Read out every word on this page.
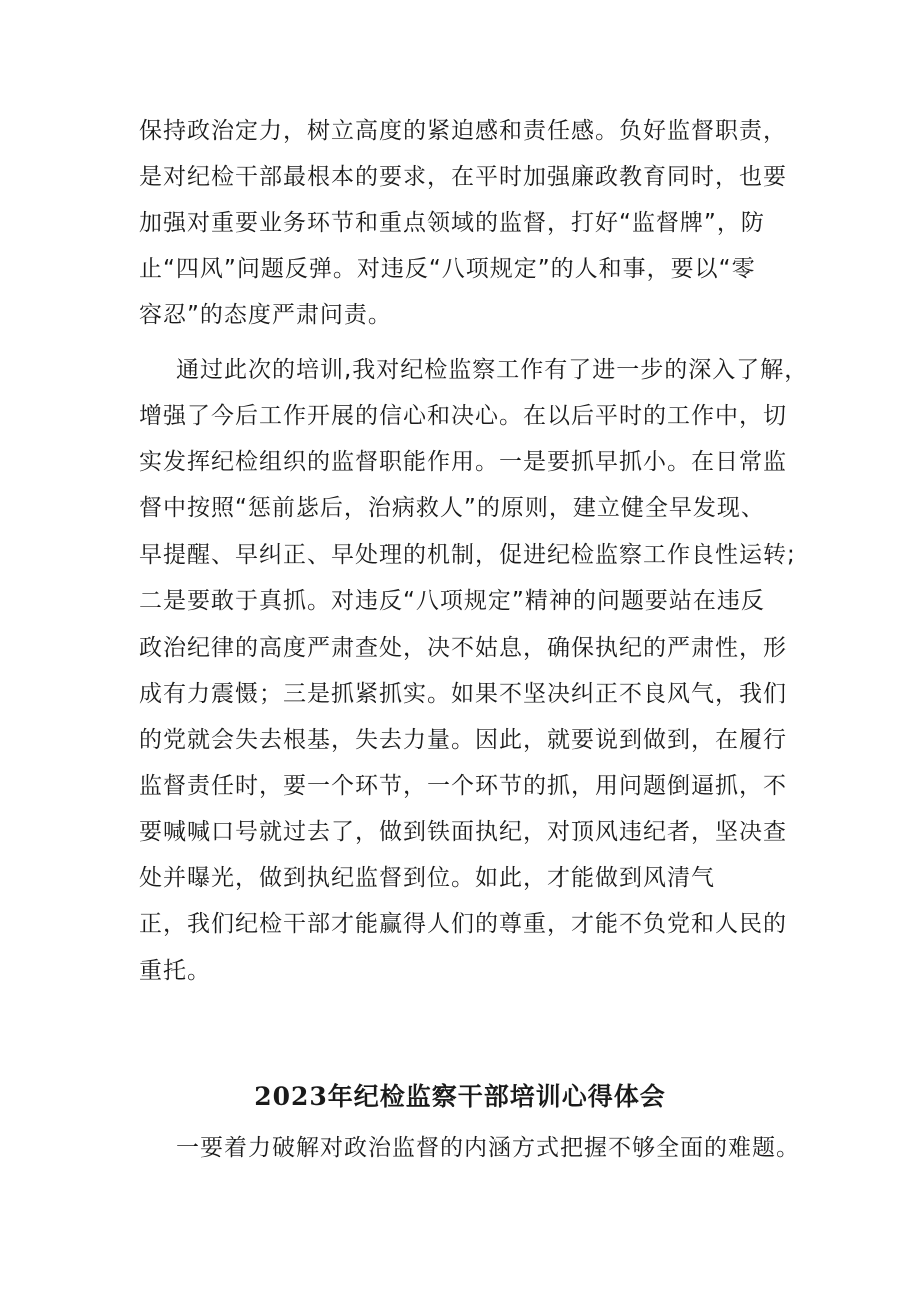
保持政治定力，树立高度的紧迫感和责任感。负好监督职责，
是对纪检干部最根本的要求，在平时加强廉政教育同时，也要
加强对重要业务环节和重点领域的监督，打好“监督牌”，防
止“四风”问题反弹。对违反“八项规定”的人和事，要以“零
容忍”的态度严肃问责。
通过此次的培训,我对纪检监察工作有了进一步的深入了解，
增强了今后工作开展的信心和决心。在以后平时的工作中，切
实发挥纪检组织的监督职能作用。一是要抓早抓小。在日常监
督中按照“惩前毖后，治病救人”的原则，建立健全早发现、
早提醒、早纠正、早处理的机制，促进纪检监察工作良性运转;
二是要敢于真抓。对违反“八项规定”精神的问题要站在违反
政治纪律的高度严肃查处，决不姑息，确保执纪的严肃性，形
成有力震慑；三是抓紧抓实。如果不坚决纠正不良风气，我们
的党就会失去根基，失去力量。因此，就要说到做到，在履行
监督责任时，要一个环节，一个环节的抓，用问题倒逼抓，不
要喊喊口号就过去了，做到铁面执纪，对顶风违纪者，坚决查
处并曝光，做到执纪监督到位。如此，才能做到风清气
正，我们纪检干部才能赢得人们的尊重，才能不负党和人民的
重托。
2023年纪检监察干部培训心得体会
一要着力破解对政治监督的内涵方式把握不够全面的难题。
